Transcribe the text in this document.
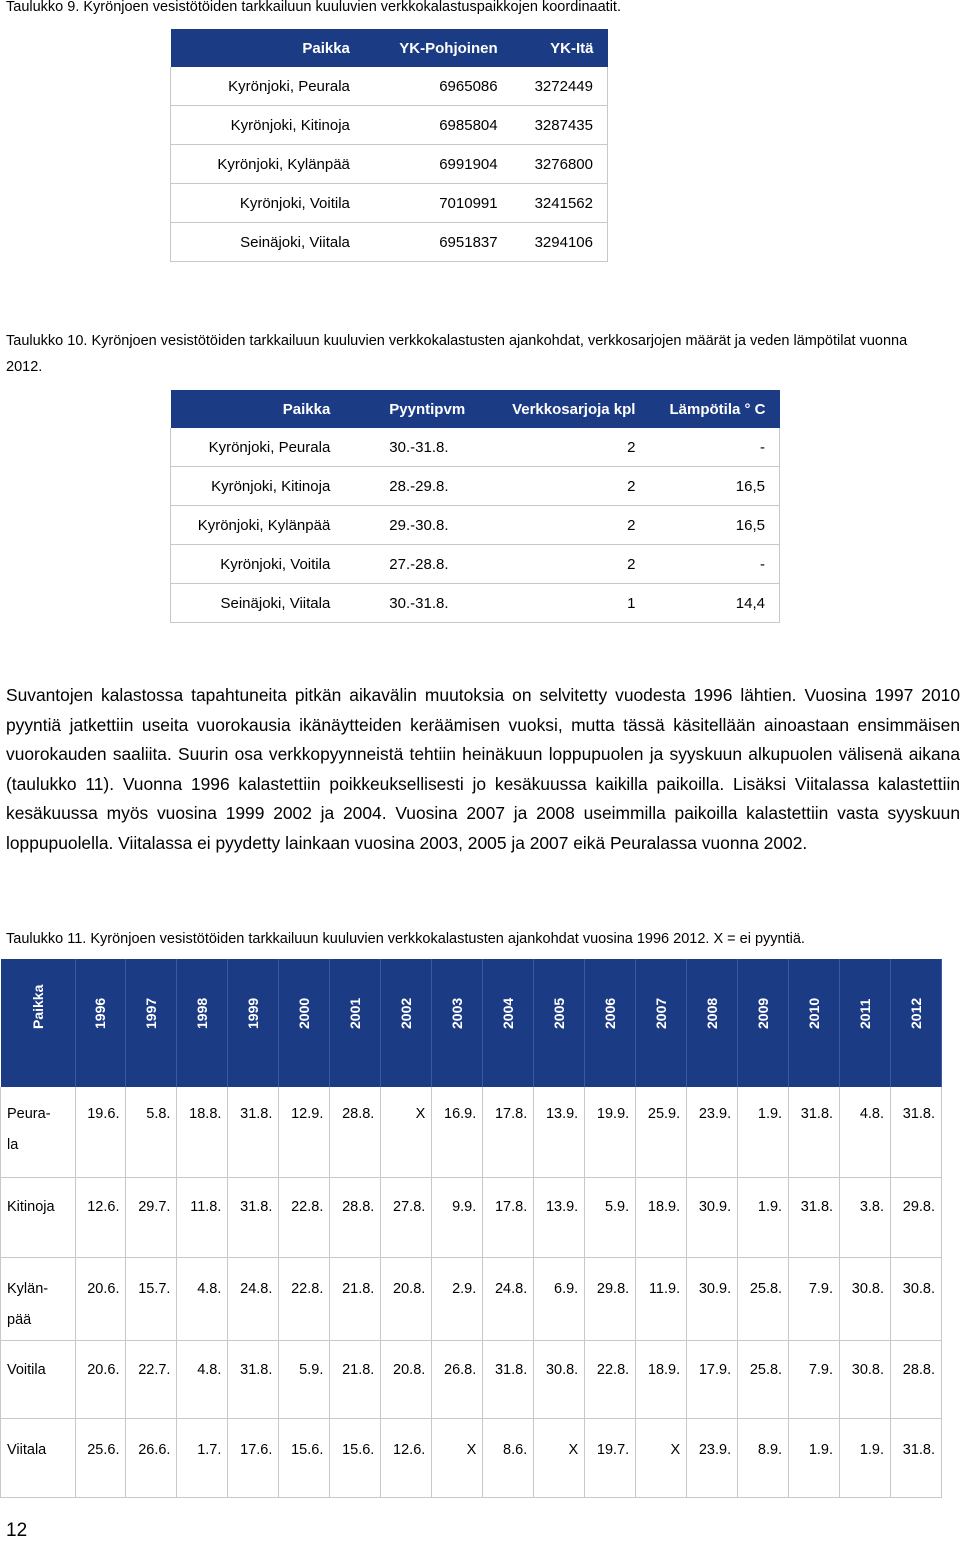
Taulukko 9. Kyrönjoen vesistötöiden tarkkailuun kuuluvien verkkokalastuspaikkojen koordinaatit.

Paikka	YK-Pohjoinen	YK-Itä
Kyrönjoki, Peurala	6965086	3272449
Kyrönjoki, Kitinoja	6985804	3287435
Kyrönjoki, Kylänpää	6991904	3276800
Kyrönjoki, Voitila	7010991	3241562
Seinäjoki, Viitala	6951837	3294106

Taulukko 10. Kyrönjoen vesistötöiden tarkkailuun kuuluvien verkkokalastusten ajankohdat, verkkosarjojen määrät ja veden lämpötilat vuonna 2012.

Paikka	Pyyntipvm	Verkkosarjoja kpl	Lämpötila ° C
Kyrönjoki, Peurala	30.-31.8.	2	-
Kyrönjoki, Kitinoja	28.-29.8.	2	16,5
Kyrönjoki, Kylänpää	29.-30.8.	2	16,5
Kyrönjoki, Voitila	27.-28.8.	2	-
Seinäjoki, Viitala	30.-31.8.	1	14,4

Suvantojen kalastossa tapahtuneita pitkän aikavälin muutoksia on selvitetty vuodesta 1996 lähtien. Vuosina 1997 2010 pyyntiä jatkettiin useita vuorokausia ikänäytteiden keräämisen vuoksi, mutta tässä käsitellään ainoastaan ensimmäisen vuorokauden saaliita. Suurin osa verkkopyynneistä tehtiin heinäkuun loppupuolen ja syyskuun alkupuolen välisenä aikana (taulukko 11). Vuonna 1996 kalastettiin poikkeuksellisesti jo kesäkuussa kaikilla paikoilla. Lisäksi Viitalassa kalastettiin kesäkuussa myös vuosina 1999 2002 ja 2004. Vuosina 2007 ja 2008 useimmilla paikoilla kalastettiin vasta syyskuun loppupuolella. Viitalassa ei pyydetty lainkaan vuosina 2003, 2005 ja 2007 eikä Peuralassa vuonna 2002.

Taulukko 11. Kyrönjoen vesistötöiden tarkkailuun kuuluvien verkkokalastusten ajankohdat vuosina 1996 2012. X = ei pyyntiä.

Paikka	1996	1997	1998	1999	2000	2001	2002	2003	2004	2005	2006	2007	2008	2009	2010	2011	2012
Peura-
la	19.6.	5.8.	18.8.	31.8.	12.9.	28.8.	X	16.9.	17.8.	13.9.	19.9.	25.9.	23.9.	1.9.	31.8.	4.8.	31.8.
Kitinoja	12.6.	29.7.	11.8.	31.8.	22.8.	28.8.	27.8.	9.9.	17.8.	13.9.	5.9.	18.9.	30.9.	1.9.	31.8.	3.8.	29.8.
Kylän-
pää	20.6.	15.7.	4.8.	24.8.	22.8.	21.8.	20.8.	2.9.	24.8.	6.9.	29.8.	11.9.	30.9.	25.8.	7.9.	30.8.	30.8.
Voitila	20.6.	22.7.	4.8.	31.8.	5.9.	21.8.	20.8.	26.8.	31.8.	30.8.	22.8.	18.9.	17.9.	25.8.	7.9.	30.8.	28.8.
Viitala	25.6.	26.6.	1.7.	17.6.	15.6.	15.6.	12.6.	X	8.6.	X	19.7.	X	23.9.	8.9.	1.9.	1.9.	31.8.

12
